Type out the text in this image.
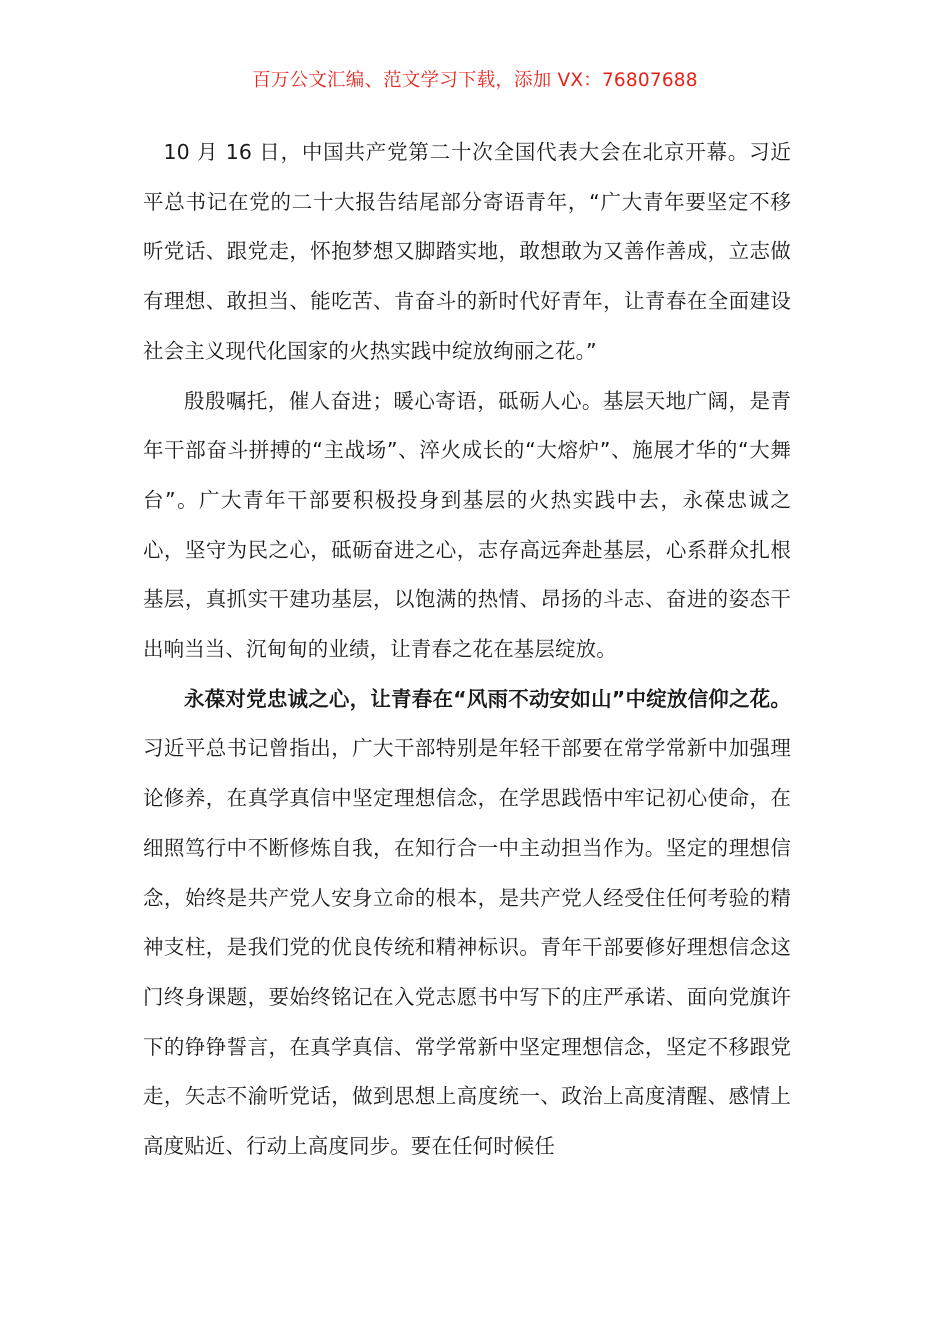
百万公文汇编、范文学习下载，添加 VX：76807688

10 月 16 日，中国共产党第二十次全国代表大会在北京开幕。习近平总书记在党的二十大报告结尾部分寄语青年，“广大青年要坚定不移听党话、跟党走，怀抱梦想又脚踏实地，敢想敢为又善作善成，立志做有理想、敢担当、能吃苦、肯奋斗的新时代好青年，让青春在全面建设社会主义现代化国家的火热实践中绽放绚丽之花。”

殷殷嘱托，催人奋进；暖心寄语，砥砺人心。基层天地广阔，是青年干部奋斗拼搏的“主战场”、淬火成长的“大熔炉”、施展才华的“大舞台”。广大青年干部要积极投身到基层的火热实践中去，永葆忠诚之心，坚守为民之心，砥砺奋进之心，志存高远奔赴基层，心系群众扎根基层，真抓实干建功基层，以饱满的热情、昂扬的斗志、奋进的姿态干出响当当、沉甸甸的业绩，让青春之花在基层绽放。

永葆对党忠诚之心，让青春在“风雨不动安如山”中绽放信仰之花。习近平总书记曾指出，广大干部特别是年轻干部要在常学常新中加强理论修养，在真学真信中坚定理想信念，在学思践悟中牢记初心使命，在细照笃行中不断修炼自我，在知行合一中主动担当作为。坚定的理想信念，始终是共产党人安身立命的根本，是共产党人经受住任何考验的精神支柱，是我们党的优良传统和精神标识。青年干部要修好理想信念这门终身课题，要始终铭记在入党志愿书中写下的庄严承诺、面向党旗许下的铮铮誓言，在真学真信、常学常新中坚定理想信念，坚定不移跟党走，矢志不渝听党话，做到思想上高度统一、政治上高度清醒、感情上高度贴近、行动上高度同步。要在任何时候任
